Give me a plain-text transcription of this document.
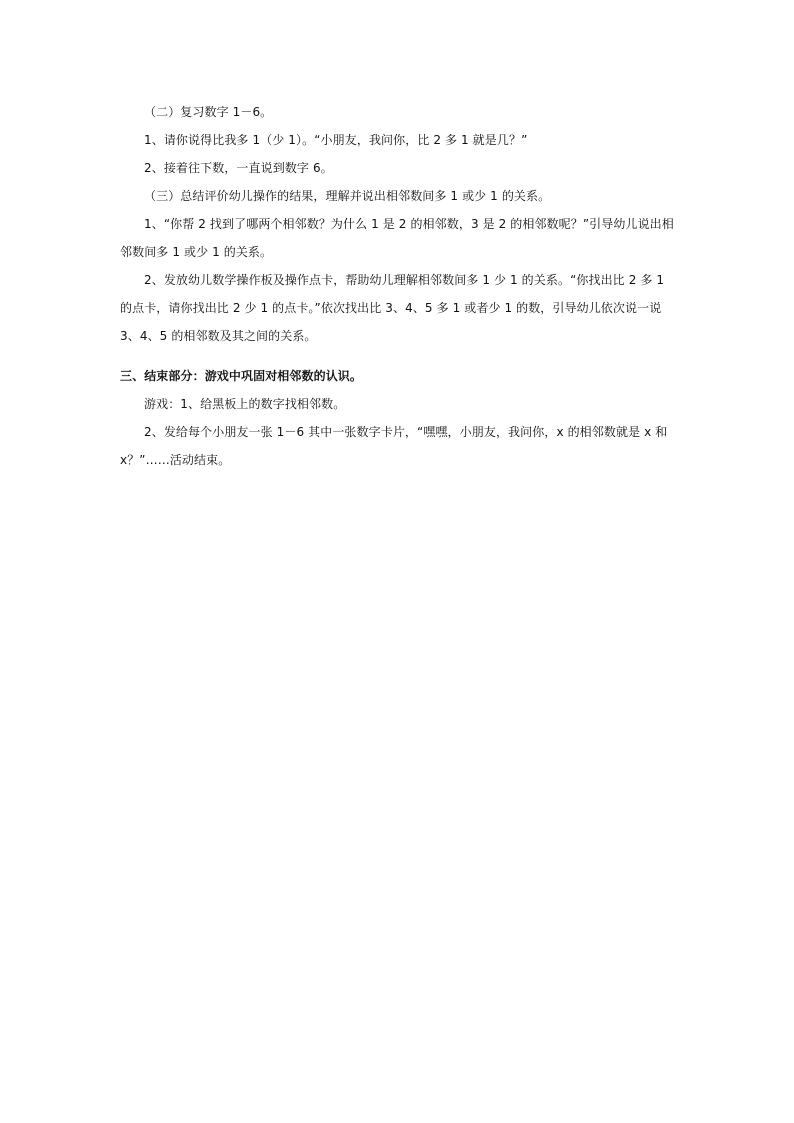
（二）复习数字 1－6。

1、请你说得比我多 1（少 1）。“小朋友，我问你，比 2 多 1 就是几？”

2、接着往下数，一直说到数字 6。

（三）总结评价幼儿操作的结果，理解并说出相邻数间多 1 或少 1 的关系。

1、“你帮 2 找到了哪两个相邻数？为什么 1 是 2 的相邻数，3 是 2 的相邻数呢？”引导幼儿说出相邻数间多 1 或少 1 的关系。

2、发放幼儿数学操作板及操作点卡，帮助幼儿理解相邻数间多 1 少 1 的关系。“你找出比 2 多 1 的点卡，请你找出比 2 少 1 的点卡。”依次找出比 3、4、5 多 1 或者少 1 的数，引导幼儿依次说一说 3、4、5 的相邻数及其之间的关系。

三、结束部分：游戏中巩固对相邻数的认识。

游戏：1、给黑板上的数字找相邻数。

2、发给每个小朋友一张 1－6 其中一张数字卡片，“嘿嘿，小朋友，我问你，x 的相邻数就是 x 和 x？”……活动结束。
